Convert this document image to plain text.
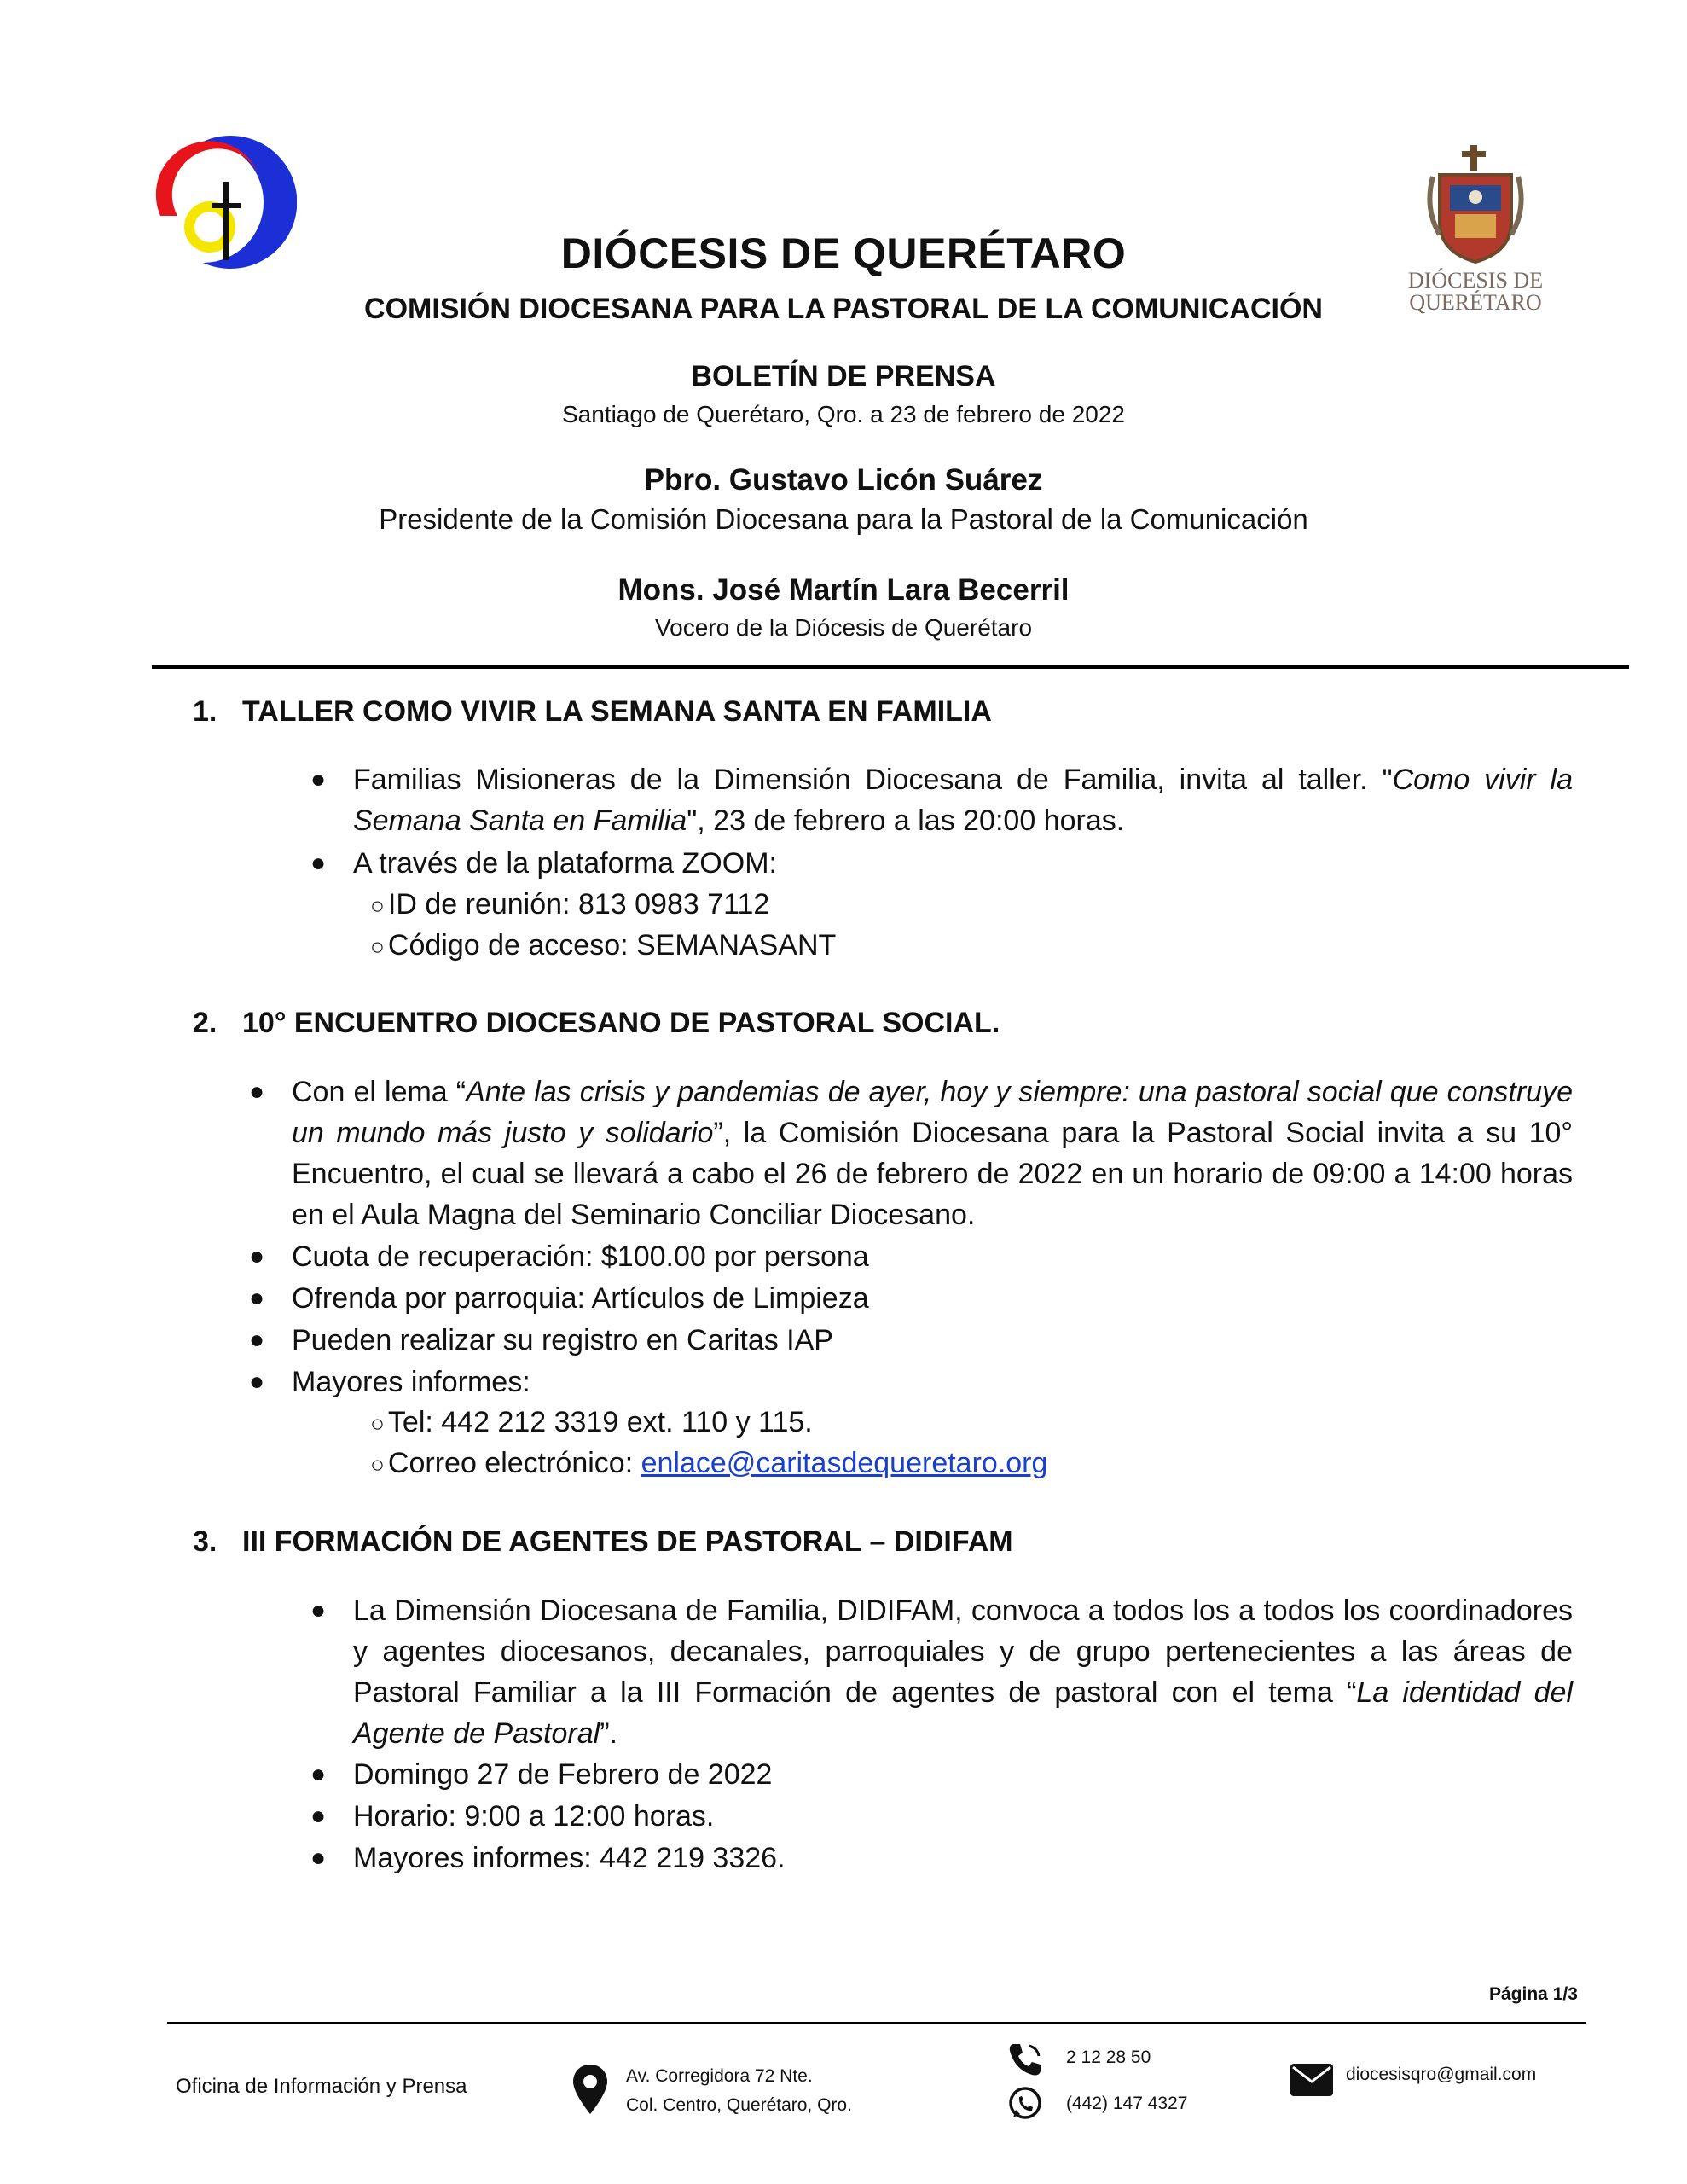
DIÓCESIS DE
QUERÉTARO
DIÓCESIS DE QUERÉTARO
COMISIÓN DIOCESANA PARA LA PASTORAL DE LA COMUNICACIÓN
BOLETÍN DE PRENSA
Santiago de Querétaro, Qro. a 23 de febrero de 2022
Pbro. Gustavo Licón Suárez
Presidente de la Comisión Diocesana para la Pastoral de la Comunicación
Mons. José Martín Lara Becerril
Vocero de la Diócesis de Querétaro
1. TALLER COMO VIVIR LA SEMANA SANTA EN FAMILIA
● Familias Misioneras de la Dimensión Diocesana de Familia, invita al taller. "Como vivir la Semana Santa en Familia", 23 de febrero a las 20:00 horas.
● A través de la plataforma ZOOM:
○ ID de reunión: 813 0983 7112
○ Código de acceso: SEMANASANT
2. 10° ENCUENTRO DIOCESANO DE PASTORAL SOCIAL.
● Con el lema “Ante las crisis y pandemias de ayer, hoy y siempre: una pastoral social que construye un mundo más justo y solidario”, la Comisión Diocesana para la Pastoral Social invita a su 10° Encuentro, el cual se llevará a cabo el 26 de febrero de 2022 en un horario de 09:00 a 14:00 horas en el Aula Magna del Seminario Conciliar Diocesano.
● Cuota de recuperación: $100.00 por persona
● Ofrenda por parroquia: Artículos de Limpieza
● Pueden realizar su registro en Caritas IAP
● Mayores informes:
○ Tel: 442 212 3319 ext. 110 y 115.
○ Correo electrónico: enlace@caritasdequeretaro.org
3. III FORMACIÓN DE AGENTES DE PASTORAL – DIDIFAM
● La Dimensión Diocesana de Familia, DIDIFAM, convoca a todos los a todos los coordinadores y agentes diocesanos, decanales, parroquiales y de grupo pertenecientes a las áreas de Pastoral Familiar a la III Formación de agentes de pastoral con el tema “La identidad del Agente de Pastoral”.
● Domingo 27 de Febrero de 2022
● Horario: 9:00 a 12:00 horas.
● Mayores informes: 442 219 3326.
Página 1/3
Oficina de Información y Prensa	Av. Corregidora 72 Nte.
Col. Centro, Querétaro, Qro.
2 12 28 50
(442) 147 4327
diocesisqro@gmail.com
